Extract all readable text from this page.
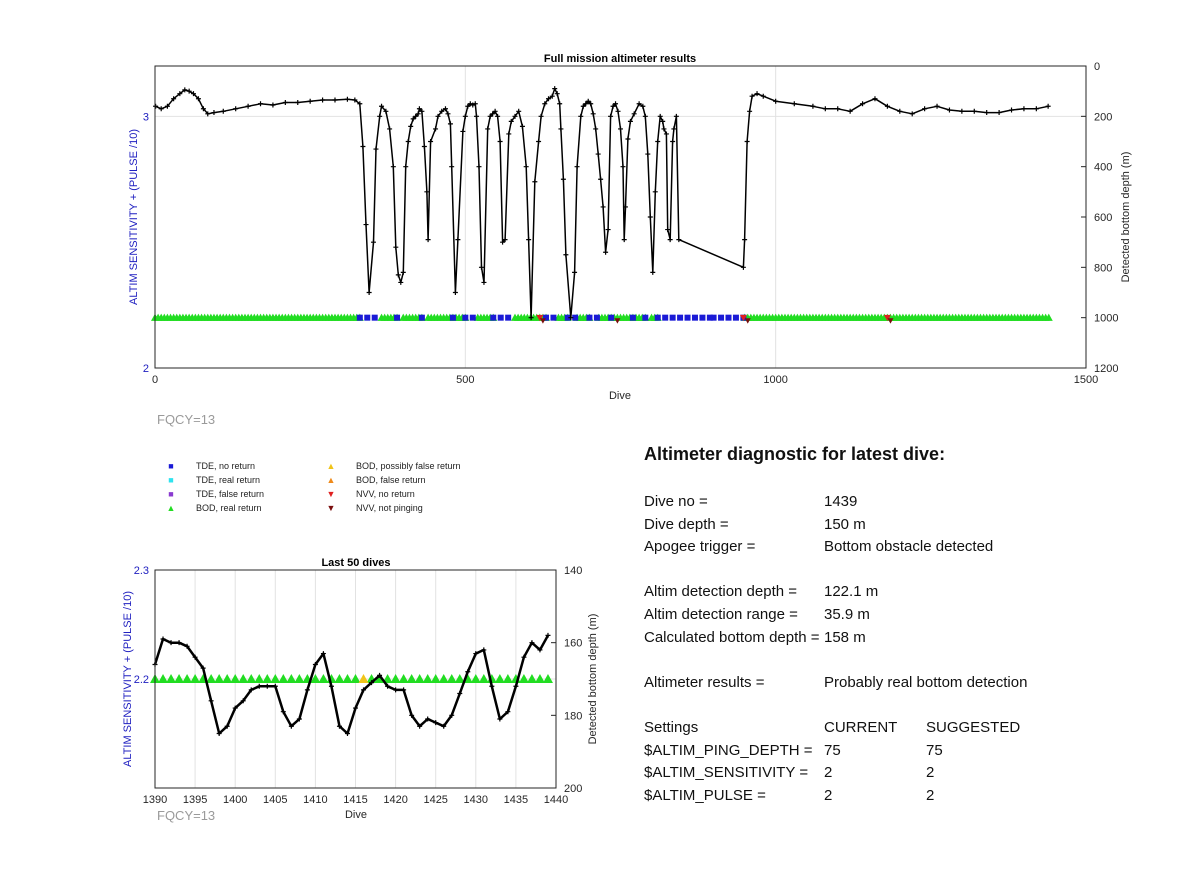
0	500	1000	1500
2
3
0
200
400
600
800
1000
1200
Full mission altimeter results
Dive
ALTIM SENSITIVITY + (PULSE /10)	Detected bottom depth (m)
FQCY=13
■ TDE, no return
■ TDE, real return
■ TDE, false return
▲ BOD, real return
▲ BOD, possibly false return
▲ BOD, false return
▼ NVV, no return
▼ NVV, not pinging
1390 1395 1400 1405 1410 1415 1420 1425 1430 1435 1440
2.2
2.3	140
160
180
200
Last 50 dives
Dive
ALTIM SENSITIVITY + (PULSE /10)	Detected bottom depth (m)
FQCY=13
Altimeter diagnostic for latest dive:
Dive no =	1439
Dive depth =	150 m
Apogee trigger =	Bottom obstacle detected
Altim detection depth = 122.1 m
Altim detection range = 35.9 m
Calculated bottom depth = 158 m
Altimeter results =	Probably real bottom detection
Settings	CURRENT SUGGESTED
$ALTIM_PING_DEPTH = 75	75
$ALTIM_SENSITIVITY = 2	2
$ALTIM_PULSE =	2	2
